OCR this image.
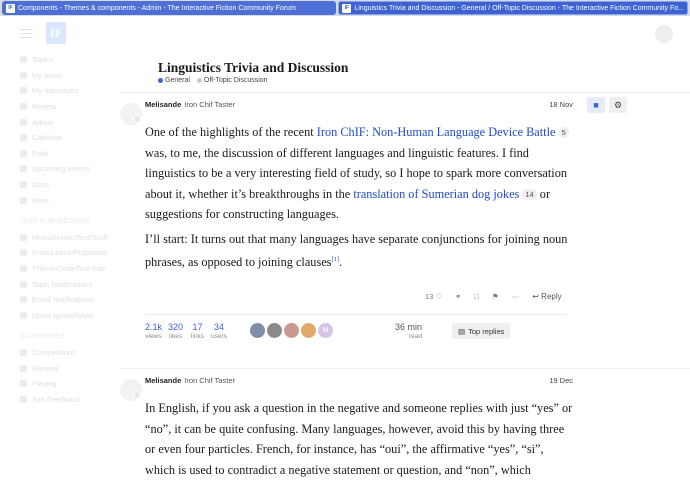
IF Components - Themes & components - Admin - The Interactive Fiction Community Forum	IF Linguistics Trivia and Discussion - General / Off-Topic Discussion - The Interactive Fiction Community Fo...
IF
Topics
My posts
My messages
Review
Admin
Calendar
Polls
Upcoming events
Docs
More
TEST SUBSECTIONS
News/Annoc/Test/Stuff
Productions/Proposals
Theme/CodeTest-Sub
Topic Notifications
Email Notifications
Users Ignore/Mute
CATEGORIES
Competitions
General
Playing
Site Feedback
Linguistics Trivia and Discussion
General Off-Topic Discussion
Melisande Iron Chif Taster	18 Nov	■	⚙
One of the highlights of the recent Iron ChIF: Non-Human Language Device Battle 5 was, to me, the discussion of different languages and linguistic features. I find linguistics to be a very interesting field of study, so I hope to spark more conversation about it, whether it’s breakthroughs in the translation of Sumerian dog jokes 14 or suggestions for constructing languages.
I’ll start: It turns out that many languages have separate conjunctions for joining noun phrases, as opposed to joining clauses[1].
13
♡ ⚭ □ ⚑ ⋯ ↩
Reply
2.1k
views
320
likes
17
links
34
users
M	36 min
read
▤ Top replies
Melisande Iron Chif Taster	19 Dec
In English, if you ask a question in the negative and someone replies with just “yes” or “no”, it can be quite confusing. Many languages, however, avoid this by having three or even four particles. French, for instance, has “oui”, the affirmative “yes”, “si”, which is used to contradict a negative statement or question, and “non”, which
